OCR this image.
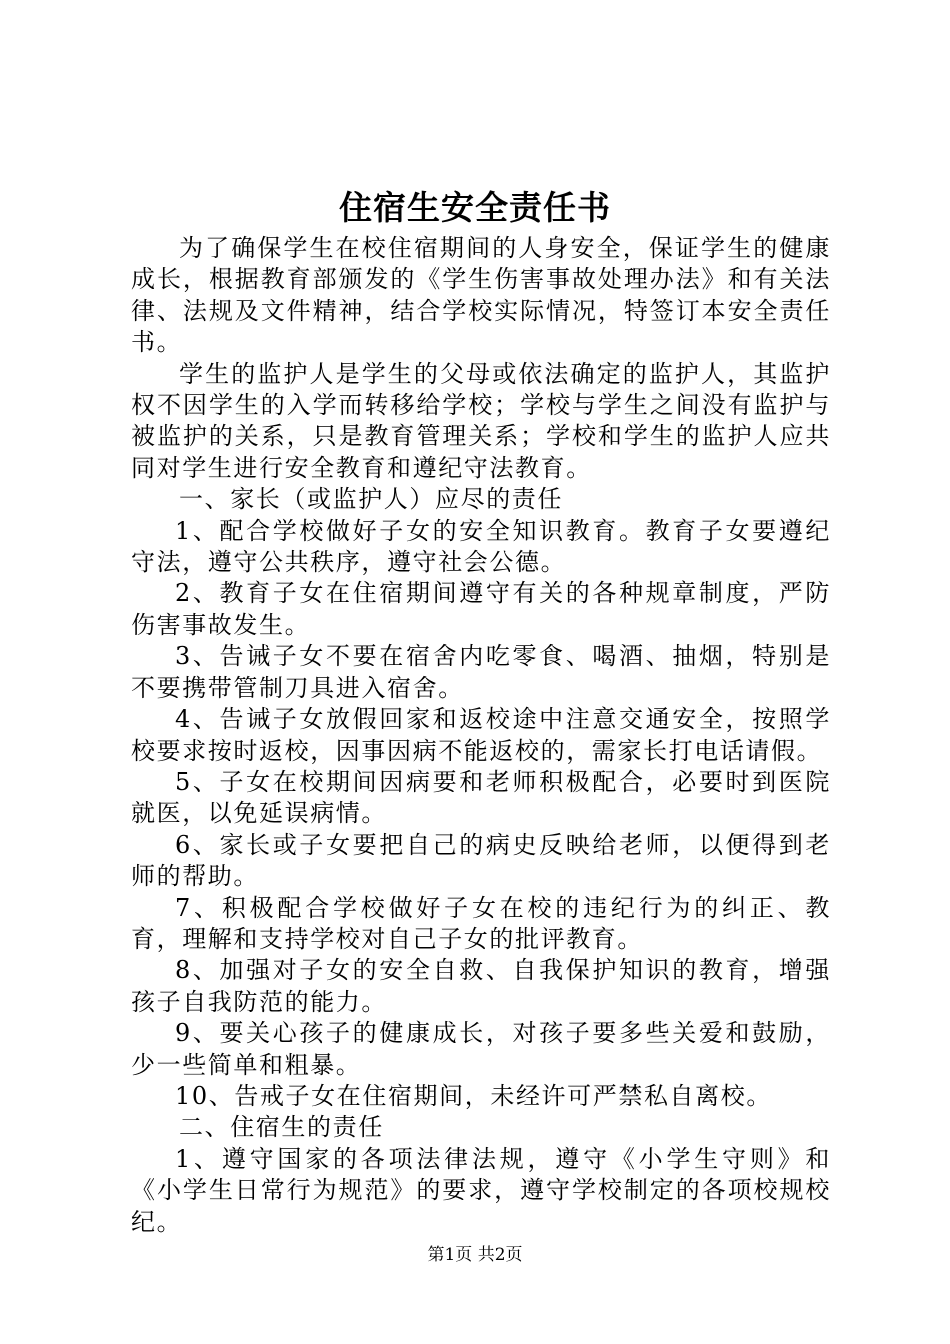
住宿生安全责任书

为了确保学生在校住宿期间的人身安全，保证学生的健康成长，根据教育部颁发的《学生伤害事故处理办法》和有关法律、法规及文件精神，结合学校实际情况，特签订本安全责任书。

学生的监护人是学生的父母或依法确定的监护人，其监护权不因学生的入学而转移给学校；学校与学生之间没有监护与被监护的关系，只是教育管理关系；学校和学生的监护人应共同对学生进行安全教育和遵纪守法教育。

一、家长（或监护人）应尽的责任

1、配合学校做好子女的安全知识教育。教育子女要遵纪守法，遵守公共秩序，遵守社会公德。

2、教育子女在住宿期间遵守有关的各种规章制度，严防伤害事故发生。

3、告诫子女不要在宿舍内吃零食、喝酒、抽烟，特别是不要携带管制刀具进入宿舍。

4、告诫子女放假回家和返校途中注意交通安全，按照学校要求按时返校，因事因病不能返校的，需家长打电话请假。

5、子女在校期间因病要和老师积极配合，必要时到医院就医，以免延误病情。

6、家长或子女要把自己的病史反映给老师，以便得到老师的帮助。

7、积极配合学校做好子女在校的违纪行为的纠正、教育，理解和支持学校对自己子女的批评教育。

8、加强对子女的安全自救、自我保护知识的教育，增强孩子自我防范的能力。

9、要关心孩子的健康成长，对孩子要多些关爱和鼓励，少一些简单和粗暴。

10、告戒子女在住宿期间，未经许可严禁私自离校。

二、住宿生的责任

1、遵守国家的各项法律法规，遵守《小学生守则》和《小学生日常行为规范》的要求，遵守学校制定的各项校规校纪。

第1页 共2页
